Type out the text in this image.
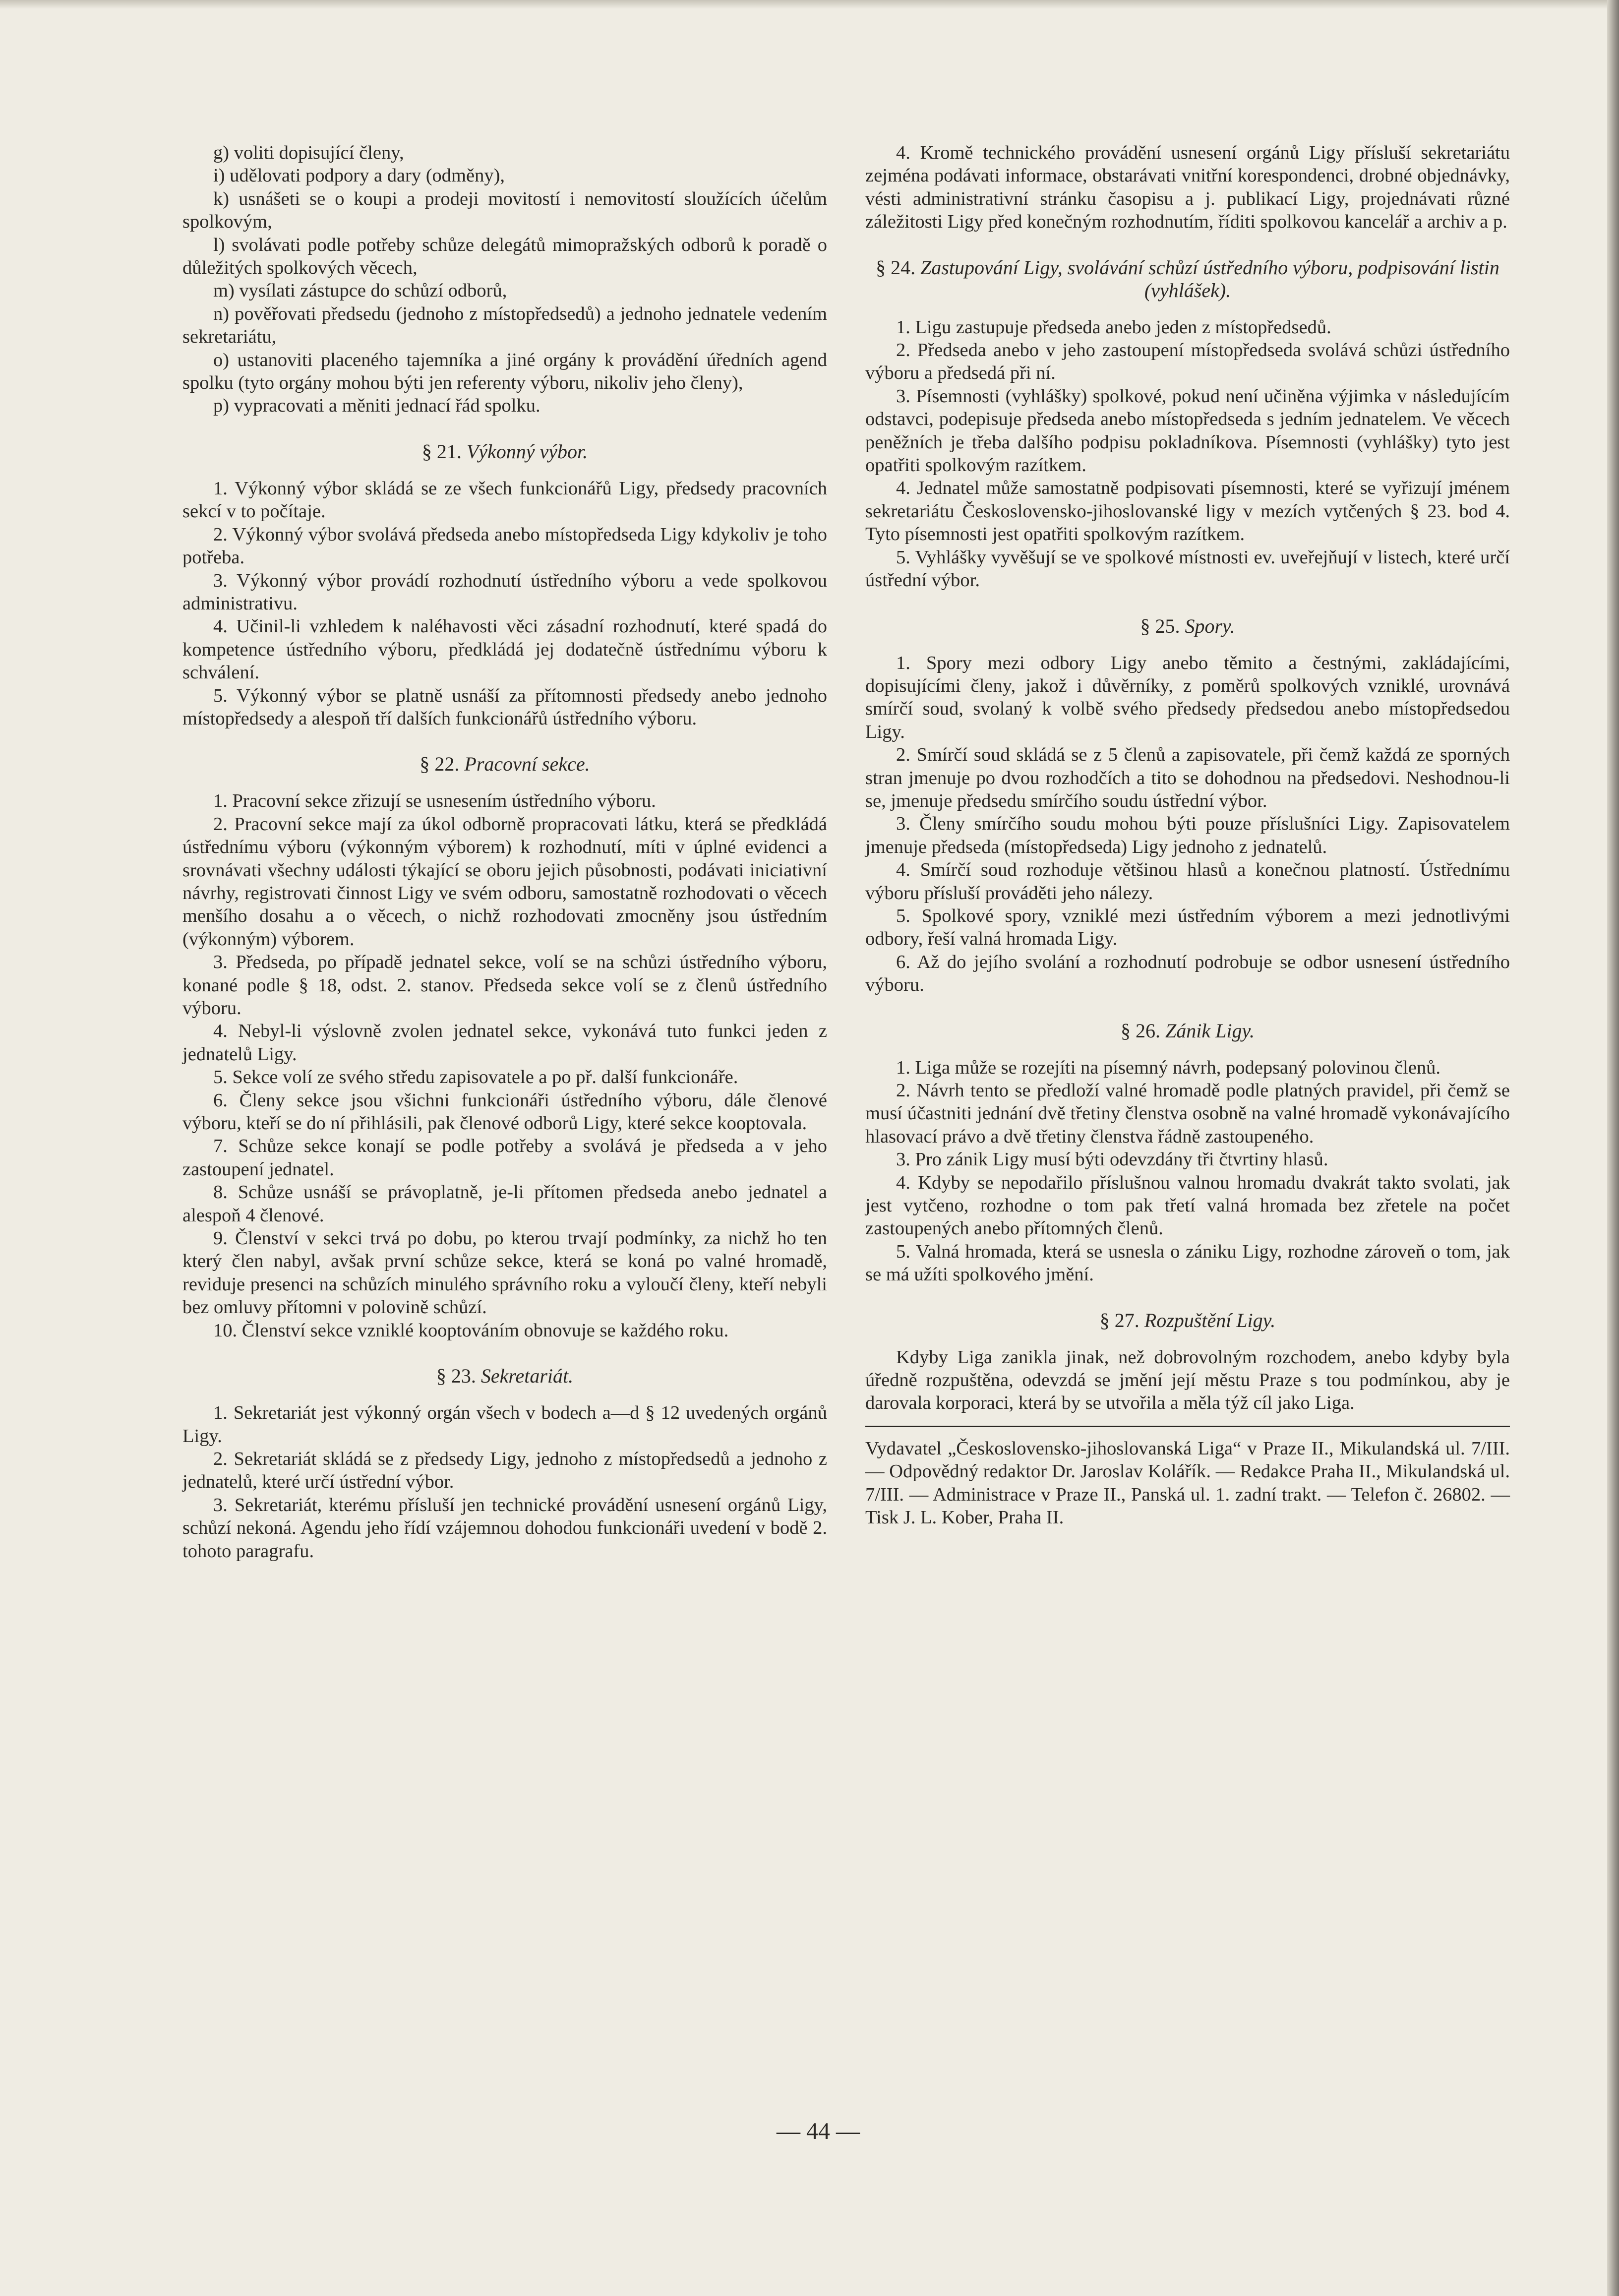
g) voliti dopisující členy,

i) udělovati podpory a dary (odměny),

k) usnášeti se o koupi a prodeji movitostí i nemovitostí sloužících účelům spolkovým,

l) svolávati podle potřeby schůze delegátů mimopražských odborů k poradě o důležitých spolkových věcech,

m) vysílati zástupce do schůzí odborů,

n) pověřovati předsedu (jednoho z místopředsedů) a jednoho jednatele vedením sekretariátu,

o) ustanoviti placeného tajemníka a jiné orgány k provádění úředních agend spolku (tyto orgány mohou býti jen referenty výboru, nikoliv jeho členy),

p) vypracovati a měniti jednací řád spolku.

§ 21. Výkonný výbor.

1. Výkonný výbor skládá se ze všech funkcionářů Ligy, předsedy pracovních sekcí v to počítaje.

2. Výkonný výbor svolává předseda anebo místopředseda Ligy kdykoliv je toho potřeba.

3. Výkonný výbor provádí rozhodnutí ústředního výboru a vede spolkovou administrativu.

4. Učinil-li vzhledem k naléhavosti věci zásadní rozhodnutí, které spadá do kompetence ústředního výboru, předkládá jej dodatečně ústřednímu výboru k schválení.

5. Výkonný výbor se platně usnáší za přítomnosti předsedy anebo jednoho místopředsedy a alespoň tří dalších funkcionářů ústředního výboru.

§ 22. Pracovní sekce.

1. Pracovní sekce zřizují se usnesením ústředního výboru.

2. Pracovní sekce mají za úkol odborně propracovati látku, která se předkládá ústřednímu výboru (výkonným výborem) k rozhodnutí, míti v úplné evidenci a srovnávati všechny události týkající se oboru jejich působnosti, podávati iniciativní návrhy, registrovati činnost Ligy ve svém odboru, samostatně rozhodovati o věcech menšího dosahu a o věcech, o nichž rozhodovati zmocněny jsou ústředním (výkonným) výborem.

3. Předseda, po případě jednatel sekce, volí se na schůzi ústředního výboru, konané podle § 18, odst. 2. stanov. Předseda sekce volí se z členů ústředního výboru.

4. Nebyl-li výslovně zvolen jednatel sekce, vykonává tuto funkci jeden z jednatelů Ligy.

5. Sekce volí ze svého středu zapisovatele a po př. další funkcionáře.

6. Členy sekce jsou všichni funkcionáři ústředního výboru, dále členové výboru, kteří se do ní přihlásili, pak členové odborů Ligy, které sekce kooptovala.

7. Schůze sekce konají se podle potřeby a svolává je předseda a v jeho zastoupení jednatel.

8. Schůze usnáší se právoplatně, je-li přítomen předseda anebo jednatel a alespoň 4 členové.

9. Členství v sekci trvá po dobu, po kterou trvají podmínky, za nichž ho ten který člen nabyl, avšak první schůze sekce, která se koná po valné hromadě, reviduje presenci na schůzích minulého správního roku a vyloučí členy, kteří nebyli bez omluvy přítomni v polovině schůzí.

10. Členství sekce vzniklé kooptováním obnovuje se každého roku.

§ 23. Sekretariát.

1. Sekretariát jest výkonný orgán všech v bodech a—d § 12 uvedených orgánů Ligy.

2. Sekretariát skládá se z předsedy Ligy, jednoho z místopředsedů a jednoho z jednatelů, které určí ústřední výbor.

3. Sekretariát, kterému přísluší jen technické provádění usnesení orgánů Ligy, schůzí nekoná. Agendu jeho řídí vzájemnou dohodou funkcionáři uvedení v bodě 2. tohoto paragrafu.

4. Kromě technického provádění usnesení orgánů Ligy přísluší sekretariátu zejména podávati informace, obstarávati vnitřní korespondenci, drobné objednávky, vésti administrativní stránku časopisu a j. publikací Ligy, projednávati různé záležitosti Ligy před konečným rozhodnutím, říditi spolkovou kancelář a archiv a p.

§ 24. Zastupování Ligy, svolávání schůzí ústředního výboru, podpisování listin (vyhlášek).

1. Ligu zastupuje předseda anebo jeden z místopředsedů.

2. Předseda anebo v jeho zastoupení místopředseda svolává schůzi ústředního výboru a předsedá při ní.

3. Písemnosti (vyhlášky) spolkové, pokud není učiněna výjimka v následujícím odstavci, podepisuje předseda anebo místopředseda s jedním jednatelem. Ve věcech peněžních je třeba dalšího podpisu pokladníkova. Písemnosti (vyhlášky) tyto jest opatřiti spolkovým razítkem.

4. Jednatel může samostatně podpisovati písemnosti, které se vyřizují jménem sekretariátu Československo-jihoslovanské ligy v mezích vytčených § 23. bod 4. Tyto písemnosti jest opatřiti spolkovým razítkem.

5. Vyhlášky vyvěšují se ve spolkové místnosti ev. uveřejňují v listech, které určí ústřední výbor.

§ 25. Spory.

1. Spory mezi odbory Ligy anebo těmito a čestnými, zakládajícími, dopisujícími členy, jakož i důvěrníky, z poměrů spolkových vzniklé, urovnává smírčí soud, svolaný k volbě svého předsedy předsedou anebo místopředsedou Ligy.

2. Smírčí soud skládá se z 5 členů a zapisovatele, při čemž každá ze sporných stran jmenuje po dvou rozhodčích a tito se dohodnou na předsedovi. Neshodnou-li se, jmenuje předsedu smírčího soudu ústřední výbor.

3. Členy smírčího soudu mohou býti pouze příslušníci Ligy. Zapisovatelem jmenuje předseda (místopředseda) Ligy jednoho z jednatelů.

4. Smírčí soud rozhoduje většinou hlasů a konečnou platností. Ústřednímu výboru přísluší prováděti jeho nálezy.

5. Spolkové spory, vzniklé mezi ústředním výborem a mezi jednotlivými odbory, řeší valná hromada Ligy.

6. Až do jejího svolání a rozhodnutí podrobuje se odbor usnesení ústředního výboru.

§ 26. Zánik Ligy.

1. Liga může se rozejíti na písemný návrh, podepsaný polovinou členů.

2. Návrh tento se předloží valné hromadě podle platných pravidel, při čemž se musí účastniti jednání dvě třetiny členstva osobně na valné hromadě vykonávajícího hlasovací právo a dvě třetiny členstva řádně zastoupeného.

3. Pro zánik Ligy musí býti odevzdány tři čtvrtiny hlasů.

4. Kdyby se nepodařilo příslušnou valnou hromadu dvakrát takto svolati, jak jest vytčeno, rozhodne o tom pak třetí valná hromada bez zřetele na počet zastoupených anebo přítomných členů.

5. Valná hromada, která se usnesla o zániku Ligy, rozhodne zároveň o tom, jak se má užíti spolkového jmění.

§ 27. Rozpuštění Ligy.

Kdyby Liga zanikla jinak, než dobrovolným rozchodem, anebo kdyby byla úředně rozpuštěna, odevzdá se jmění její městu Praze s tou podmínkou, aby je darovala korporaci, která by se utvořila a měla týž cíl jako Liga.

Vydavatel „Československo-jihoslovanská Liga“ v Praze II., Mikulandská ul. 7/III. — Odpovědný redaktor Dr. Jaroslav Kolářík. — Redakce Praha II., Mikulandská ul. 7/III. — Administrace v Praze II., Panská ul. 1. zadní trakt. — Telefon č. 26802. — Tisk J. L. Kober, Praha II.

— 44 —
